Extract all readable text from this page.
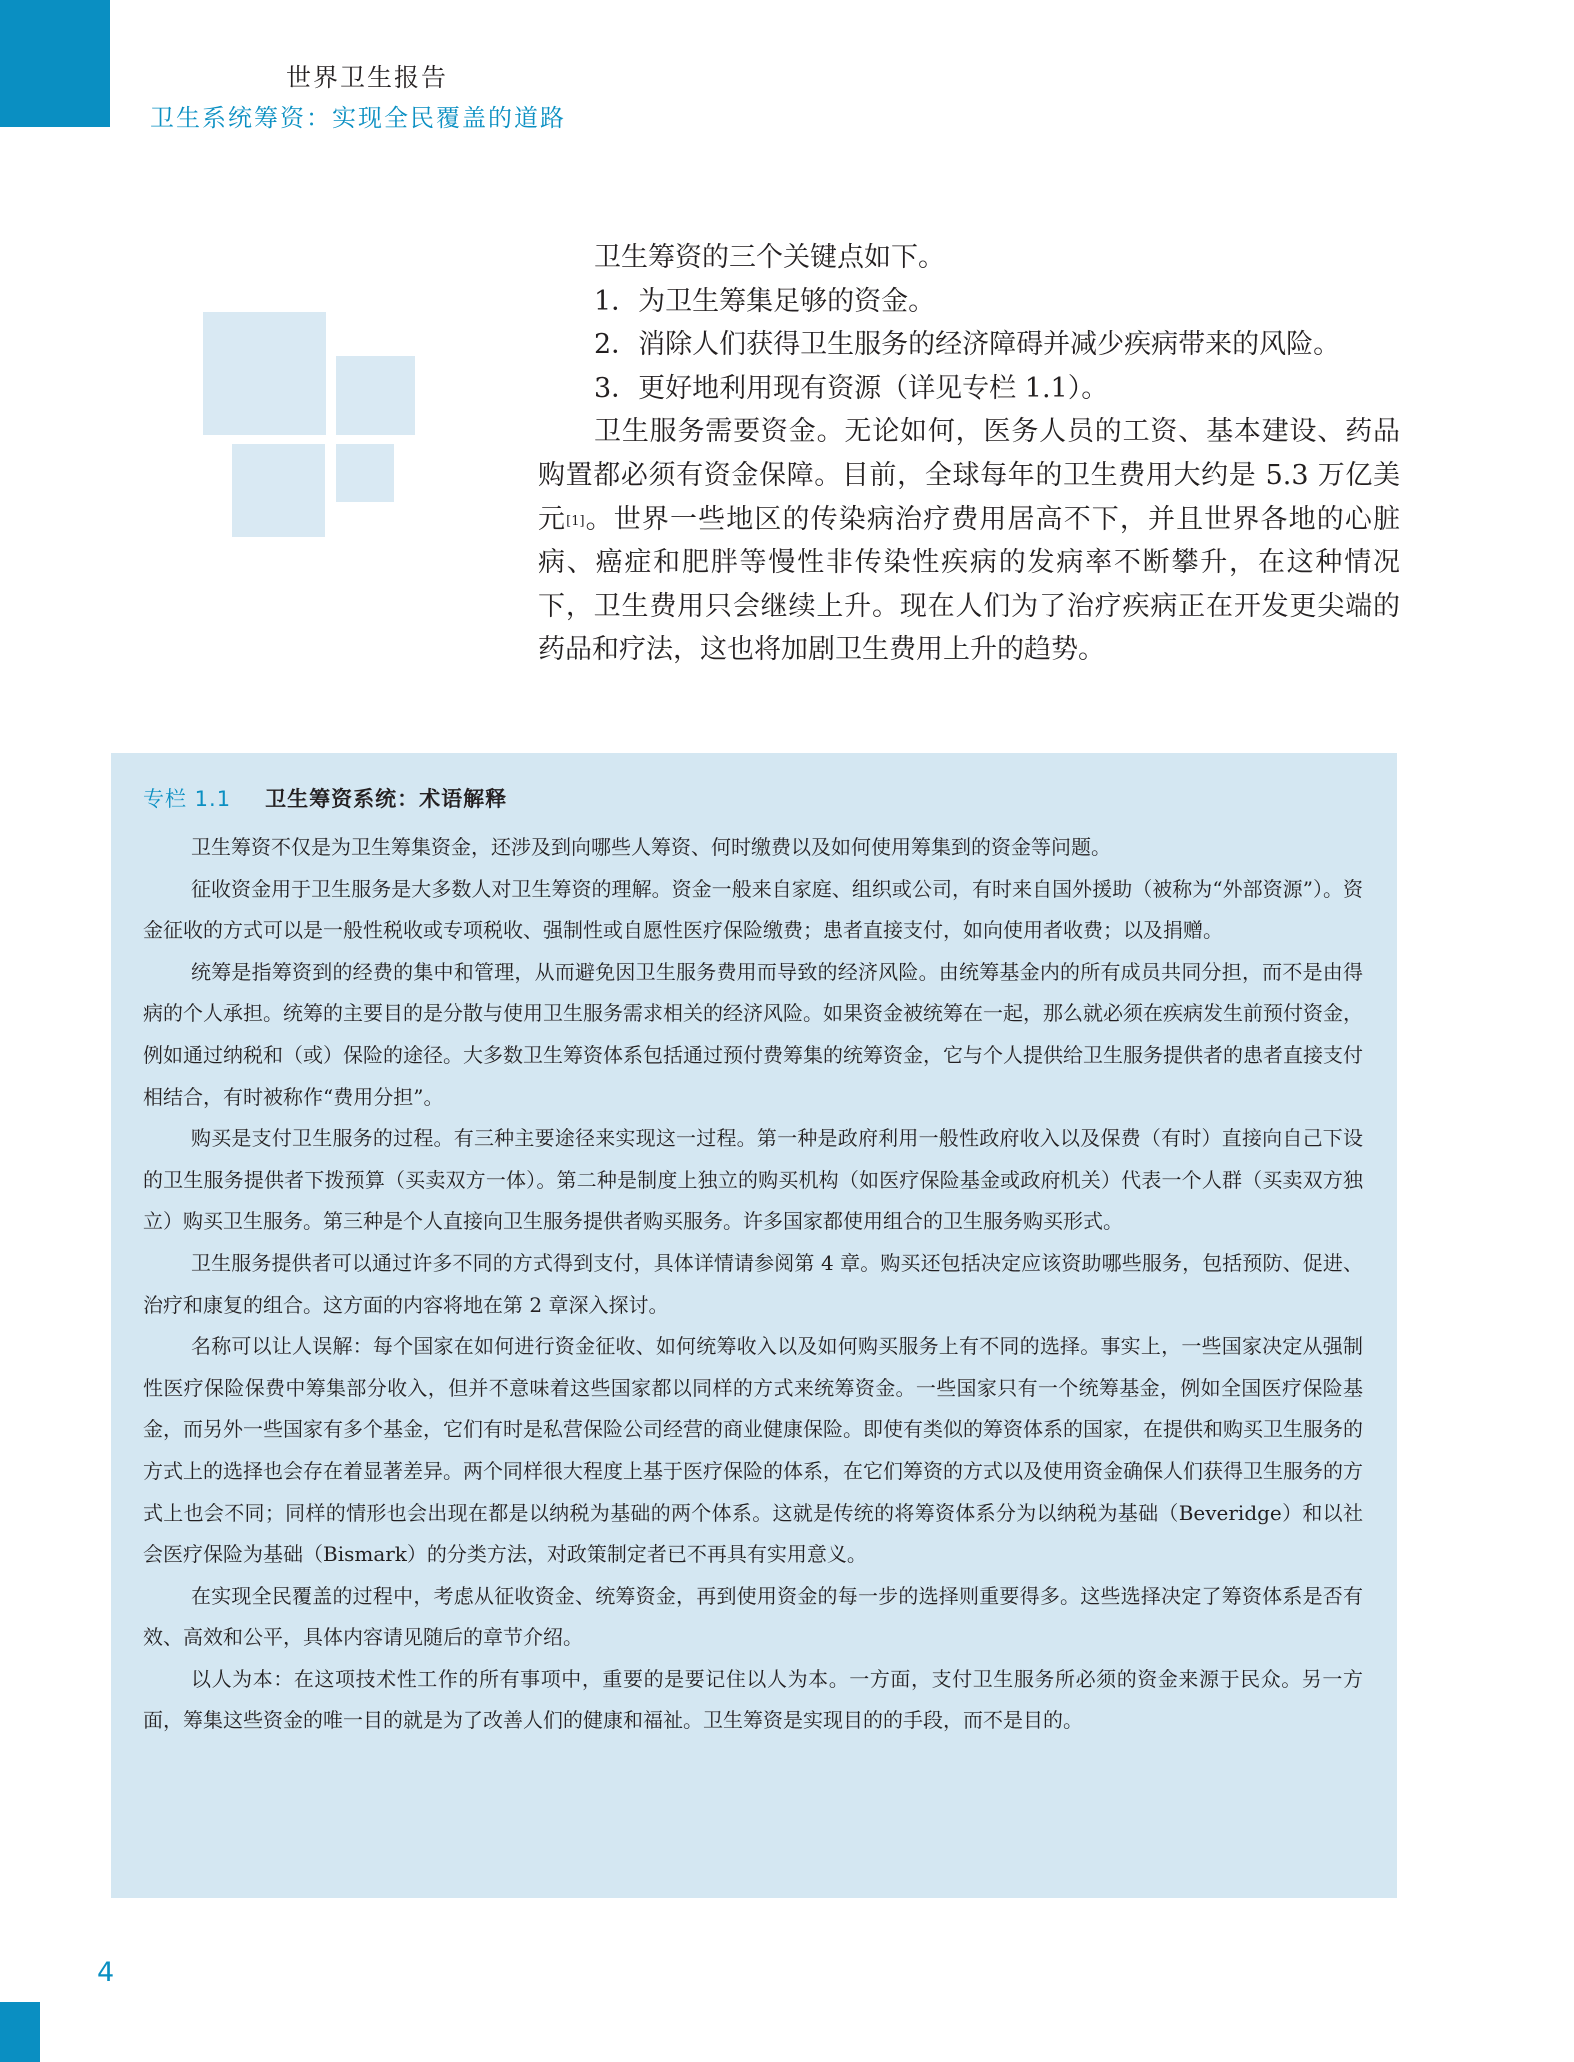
世界卫生报告
卫生系统筹资：实现全民覆盖的道路

卫生筹资的三个关键点如下。

1．为卫生筹集足够的资金。

2．消除人们获得卫生服务的经济障碍并减少疾病带来的风险。

3．更好地利用现有资源（详见专栏 1.1）。

卫生服务需要资金。无论如何，医务人员的工资、基本建设、药品购置都必须有资金保障。目前，全球每年的卫生费用大约是 5.3 万亿美元[1]。世界一些地区的传染病治疗费用居高不下，并且世界各地的心脏病、癌症和肥胖等慢性非传染性疾病的发病率不断攀升，在这种情况下，卫生费用只会继续上升。现在人们为了治疗疾病正在开发更尖端的药品和疗法，这也将加剧卫生费用上升的趋势。

专栏 1.1 卫生筹资系统：术语解释

卫生筹资不仅是为卫生筹集资金，还涉及到向哪些人筹资、何时缴费以及如何使用筹集到的资金等问题。

征收资金用于卫生服务是大多数人对卫生筹资的理解。资金一般来自家庭、组织或公司，有时来自国外援助（被称为“外部资源”）。资金征收的方式可以是一般性税收或专项税收、强制性或自愿性医疗保险缴费；患者直接支付，如向使用者收费；以及捐赠。

统筹是指筹资到的经费的集中和管理，从而避免因卫生服务费用而导致的经济风险。由统筹基金内的所有成员共同分担，而不是由得病的个人承担。统筹的主要目的是分散与使用卫生服务需求相关的经济风险。如果资金被统筹在一起，那么就必须在疾病发生前预付资金，例如通过纳税和（或）保险的途径。大多数卫生筹资体系包括通过预付费筹集的统筹资金，它与个人提供给卫生服务提供者的患者直接支付相结合，有时被称作“费用分担”。

购买是支付卫生服务的过程。有三种主要途径来实现这一过程。第一种是政府利用一般性政府收入以及保费（有时）直接向自己下设的卫生服务提供者下拨预算（买卖双方一体）。第二种是制度上独立的购买机构（如医疗保险基金或政府机关）代表一个人群（买卖双方独立）购买卫生服务。第三种是个人直接向卫生服务提供者购买服务。许多国家都使用组合的卫生服务购买形式。

卫生服务提供者可以通过许多不同的方式得到支付，具体详情请参阅第 4 章。购买还包括决定应该资助哪些服务，包括预防、促进、治疗和康复的组合。这方面的内容将地在第 2 章深入探讨。

名称可以让人误解：每个国家在如何进行资金征收、如何统筹收入以及如何购买服务上有不同的选择。事实上，一些国家决定从强制性医疗保险保费中筹集部分收入，但并不意味着这些国家都以同样的方式来统筹资金。一些国家只有一个统筹基金，例如全国医疗保险基金，而另外一些国家有多个基金，它们有时是私营保险公司经营的商业健康保险。即使有类似的筹资体系的国家，在提供和购买卫生服务的方式上的选择也会存在着显著差异。两个同样很大程度上基于医疗保险的体系，在它们筹资的方式以及使用资金确保人们获得卫生服务的方式上也会不同；同样的情形也会出现在都是以纳税为基础的两个体系。这就是传统的将筹资体系分为以纳税为基础（Beveridge）和以社会医疗保险为基础（Bismark）的分类方法，对政策制定者已不再具有实用意义。

在实现全民覆盖的过程中，考虑从征收资金、统筹资金，再到使用资金的每一步的选择则重要得多。这些选择决定了筹资体系是否有效、高效和公平，具体内容请见随后的章节介绍。

以人为本：在这项技术性工作的所有事项中，重要的是要记住以人为本。一方面，支付卫生服务所必须的资金来源于民众。另一方面，筹集这些资金的唯一目的就是为了改善人们的健康和福祉。卫生筹资是实现目的的手段，而不是目的。

4
